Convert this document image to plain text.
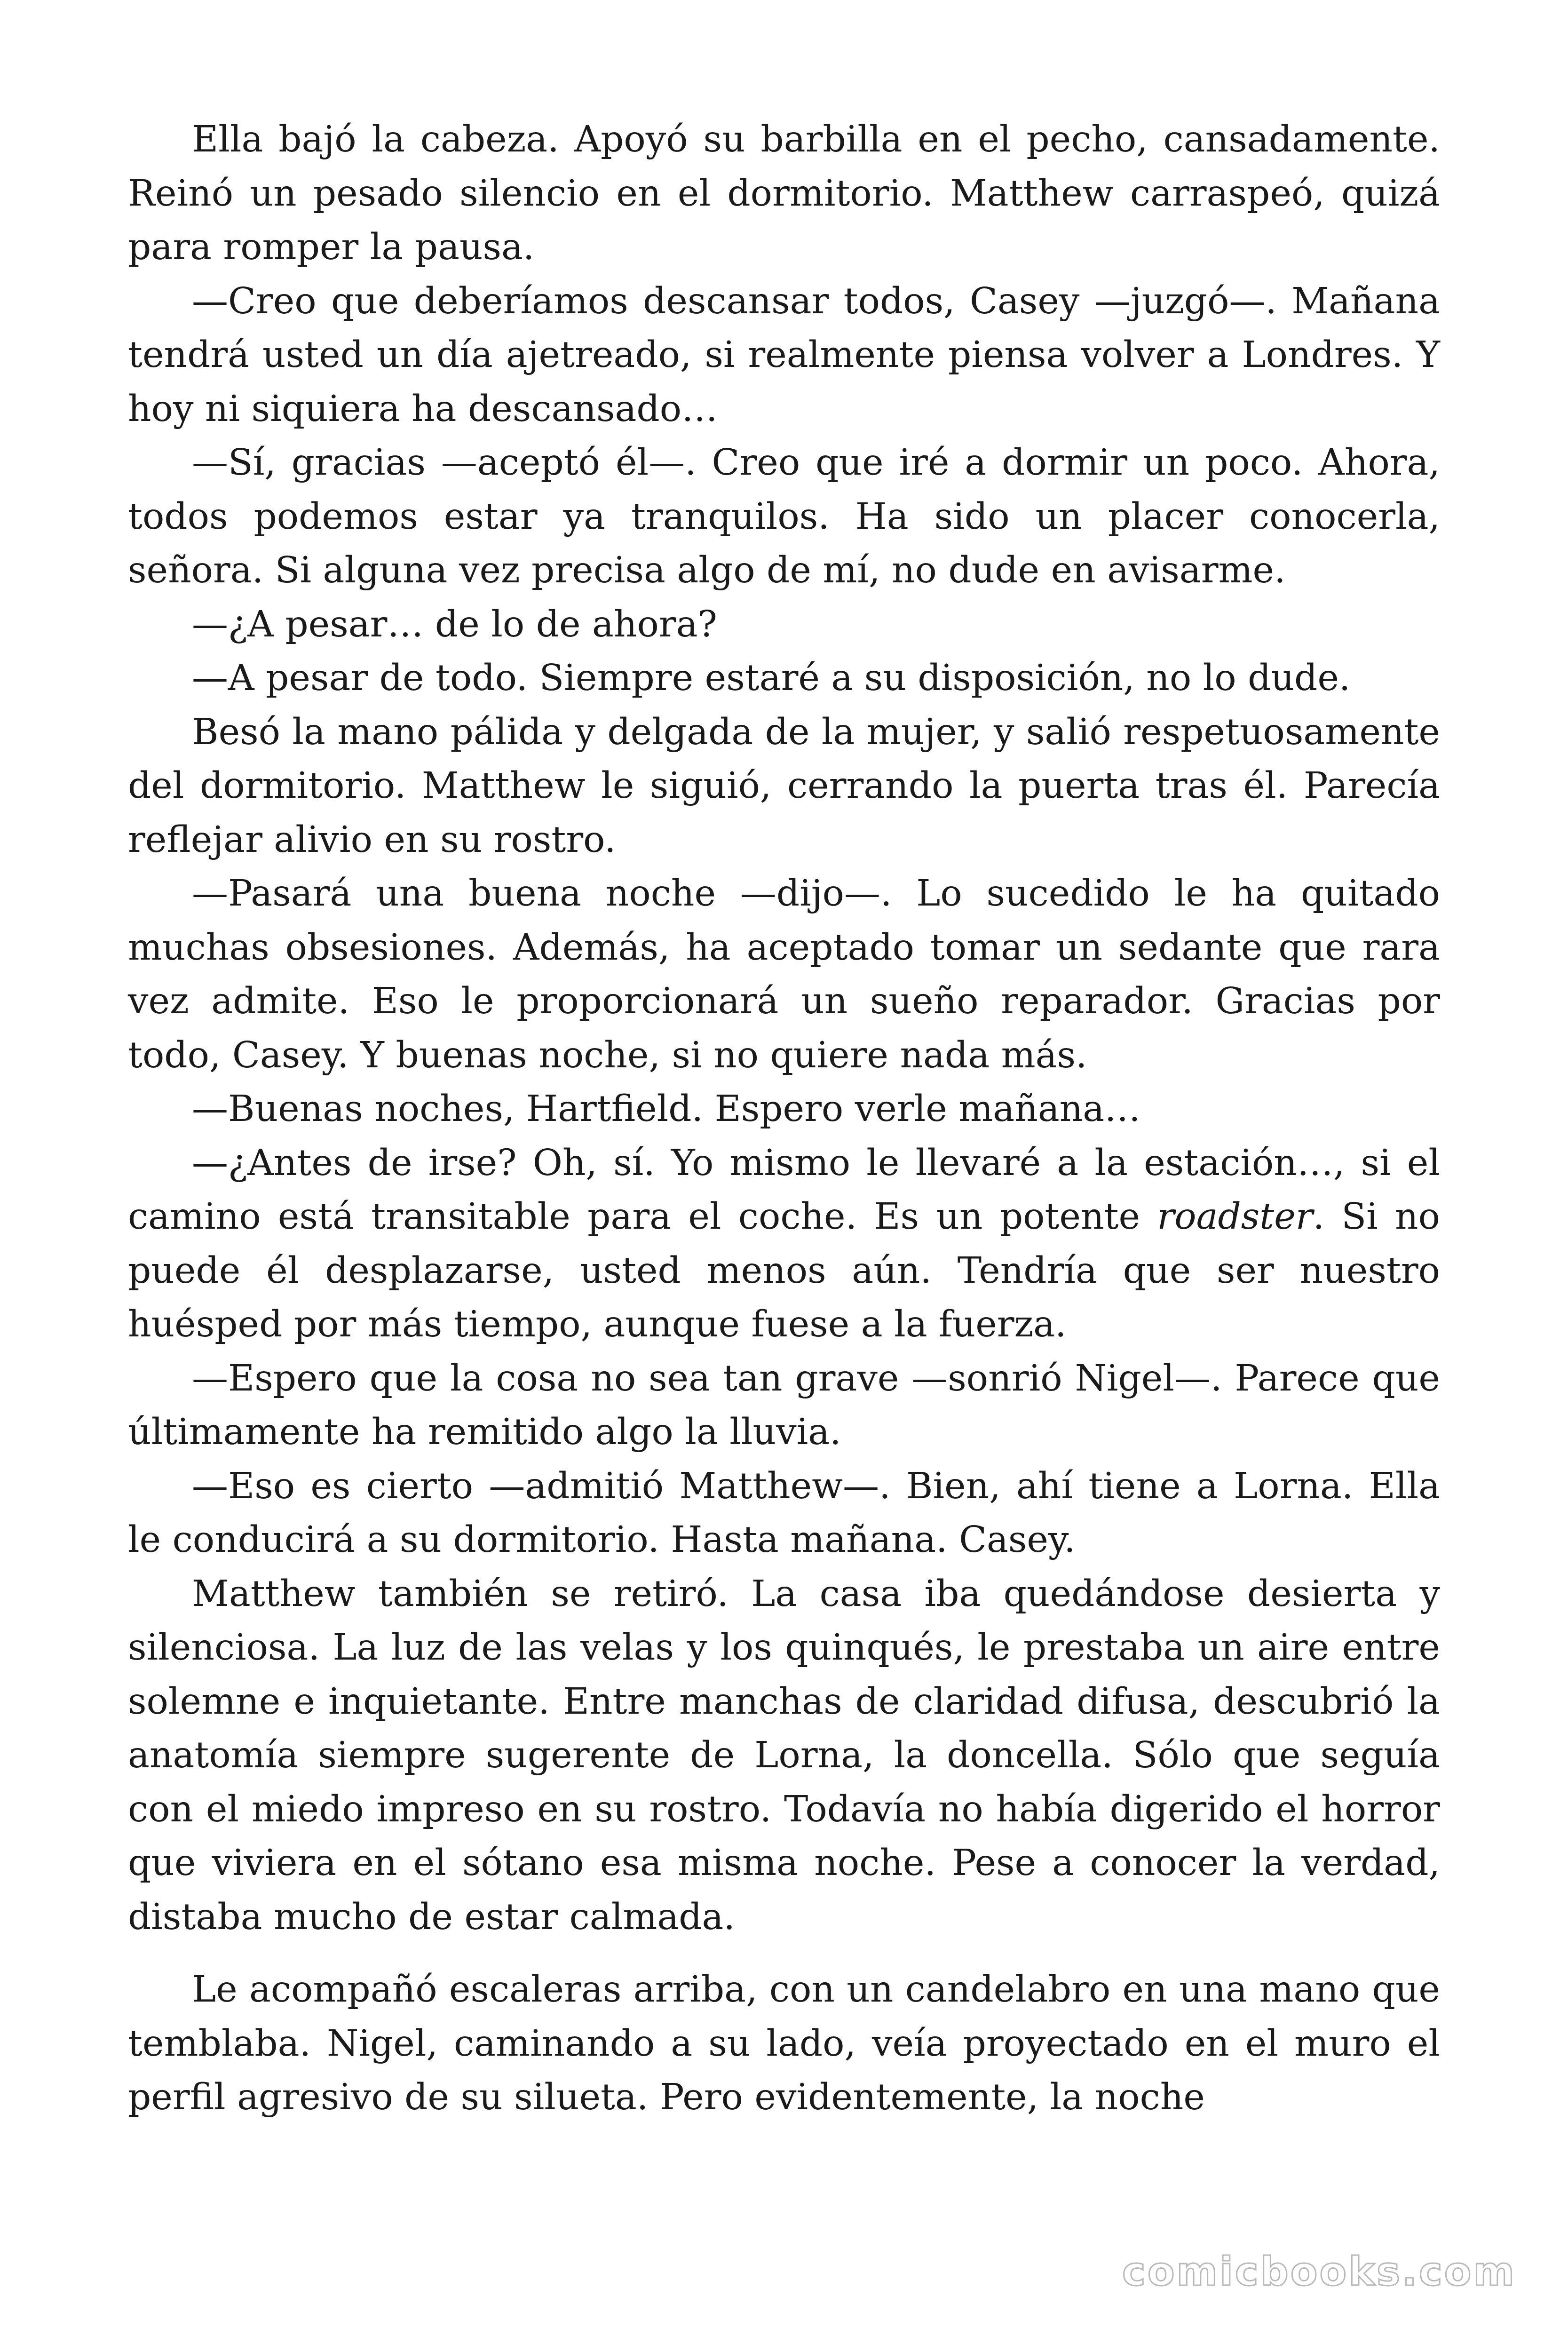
Ella bajó la cabeza. Apoyó su barbilla en el pecho, cansadamente. Reinó un pesado silencio en el dormitorio. Matthew carraspeó, quizá para romper la pausa.

—Creo que deberíamos descansar todos, Casey —juzgó—. Mañana tendrá usted un día ajetreado, si realmente piensa volver a Londres. Y hoy ni siquiera ha descansado…

—Sí, gracias —aceptó él—. Creo que iré a dormir un poco. Ahora, todos podemos estar ya tranquilos. Ha sido un placer conocerla, señora. Si alguna vez precisa algo de mí, no dude en avisarme.

—¿A pesar… de lo de ahora?

—A pesar de todo. Siempre estaré a su disposición, no lo dude.

Besó la mano pálida y delgada de la mujer, y salió respetuosamente del dormitorio. Matthew le siguió, cerrando la puerta tras él. Parecía reflejar alivio en su rostro.

—Pasará una buena noche —dijo—. Lo sucedido le ha quitado muchas obsesiones. Además, ha aceptado tomar un sedante que rara vez admite. Eso le proporcionará un sueño reparador. Gracias por todo, Casey. Y buenas noche, si no quiere nada más.

—Buenas noches, Hartfield. Espero verle mañana…

—¿Antes de irse? Oh, sí. Yo mismo le llevaré a la estación…, si el camino está transitable para el coche. Es un potente roadster. Si no puede él desplazarse, usted menos aún. Tendría que ser nuestro huésped por más tiempo, aunque fuese a la fuerza.

—Espero que la cosa no sea tan grave —sonrió Nigel—. Parece que últimamente ha remitido algo la lluvia.

—Eso es cierto —admitió Matthew—. Bien, ahí tiene a Lorna. Ella le conducirá a su dormitorio. Hasta mañana. Casey.

Matthew también se retiró. La casa iba quedándose desierta y silenciosa. La luz de las velas y los quinqués, le prestaba un aire entre solemne e inquietante. Entre manchas de claridad difusa, descubrió la anatomía siempre sugerente de Lorna, la doncella. Sólo que seguía con el miedo impreso en su rostro. Todavía no había digerido el horror que viviera en el sótano esa misma noche. Pese a conocer la verdad, distaba mucho de estar calmada.

Le acompañó escaleras arriba, con un candelabro en una mano que temblaba. Nigel, caminando a su lado, veía proyectado en el muro el perfil agresivo de su silueta. Pero evidentemente, la noche

comicbooks.com
